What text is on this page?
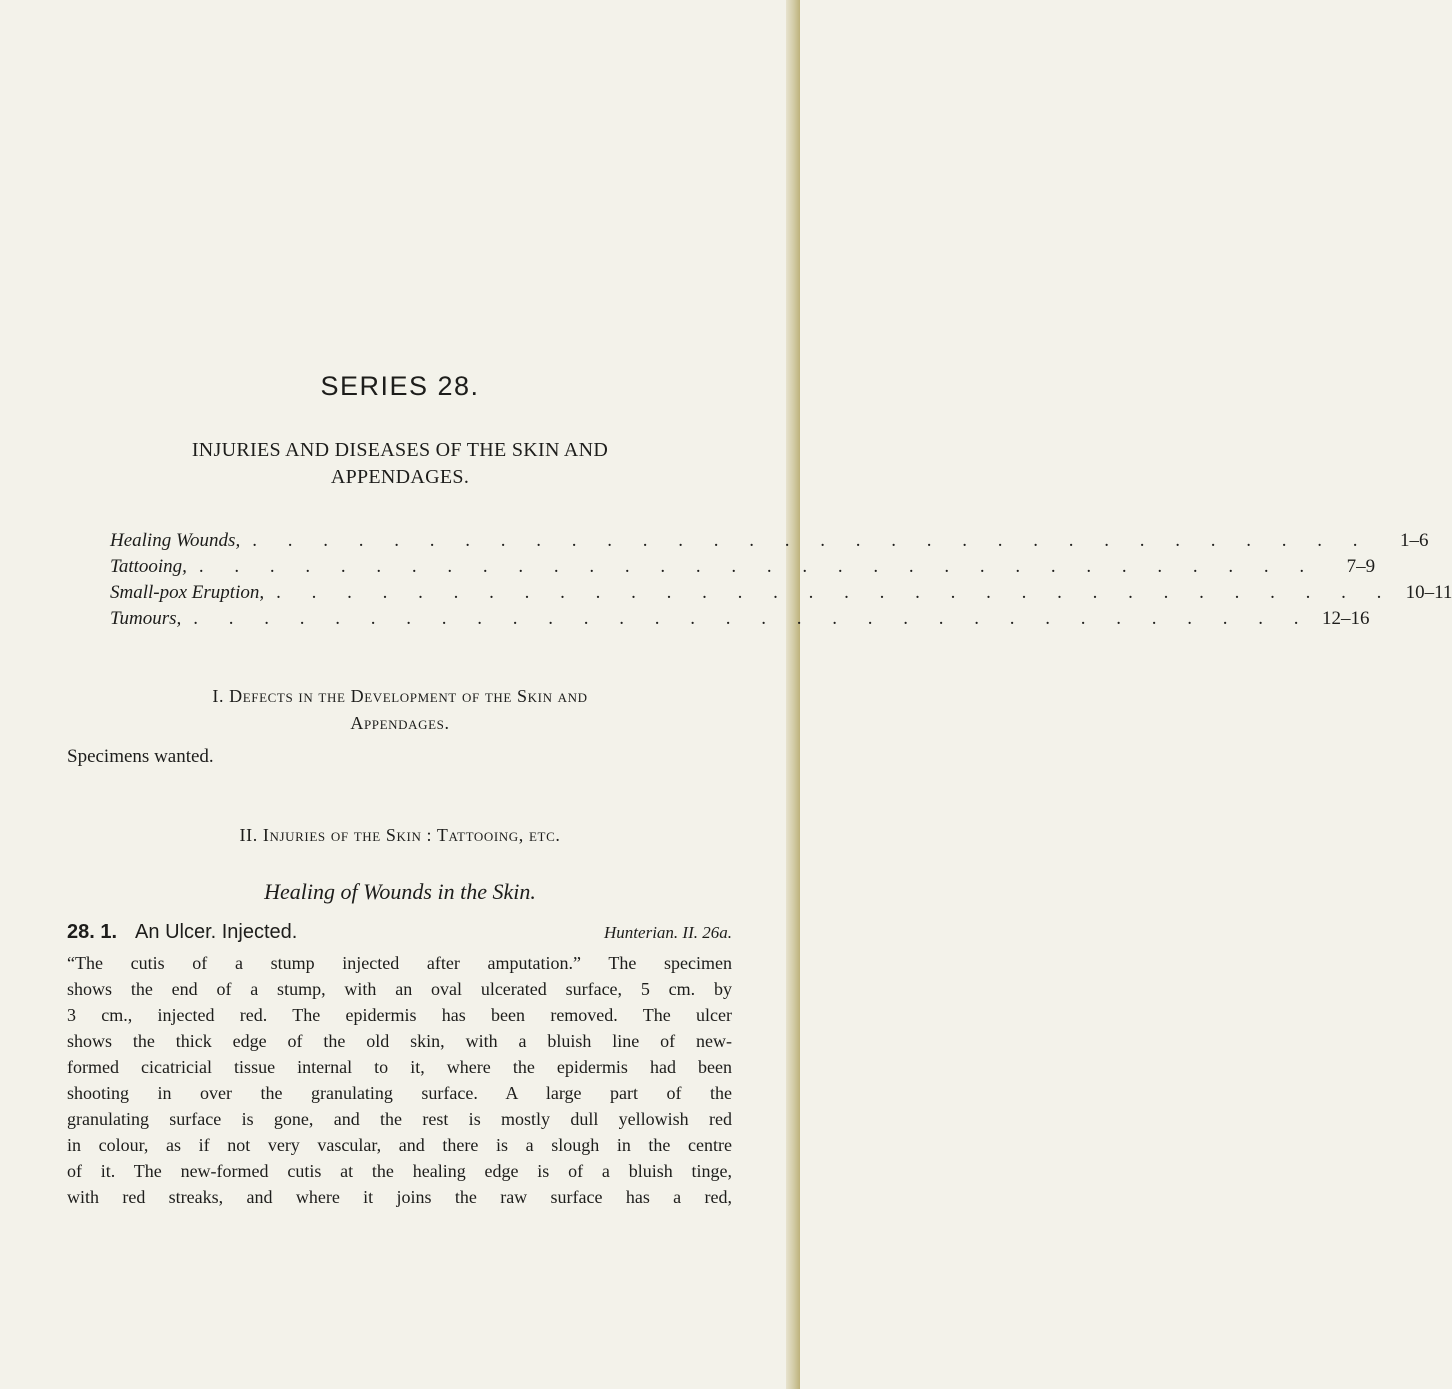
SERIES 28.
INJURIES AND DISEASES OF THE SKIN AND
APPENDAGES.
Healing Wounds, . . . . . . . . . . . . . . . . . . . . . . . . . . . . . . . .	1–6
Tattooing, . . . . . . . . . . . . . . . . . . . . . . . . . . . . . . . .	7–9
Small-pox Eruption, . . . . . . . . . . . . . . . . . . . . . . . . . . . . . . . . 10–11
Tumours, . . . . . . . . . . . . . . . . . . . . . . . . . . . . . . . . 12–16
I. Defects in the Development of the Skin and
Appendages.
Specimens wanted.
II. Injuries of the Skin : Tattooing, etc.
Healing of Wounds in the Skin.
28. 1. An Ulcer. Injected.	Hunterian. II. 26a.
“The cutis of a stump injected after amputation.” The specimen
shows the end of a stump, with an oval ulcerated surface, 5 cm. by
3 cm., injected red. The epidermis has been removed. The ulcer
shows the thick edge of the old skin, with a bluish line of new-
formed cicatricial tissue internal to it, where the epidermis had been
shooting in over the granulating surface. A large part of the
granulating surface is gone, and the rest is mostly dull yellowish red
in colour, as if not very vascular, and there is a slough in the centre
of it. The new-formed cutis at the healing edge is of a bluish tinge,
with red streaks, and where it joins the raw surface has a red,
